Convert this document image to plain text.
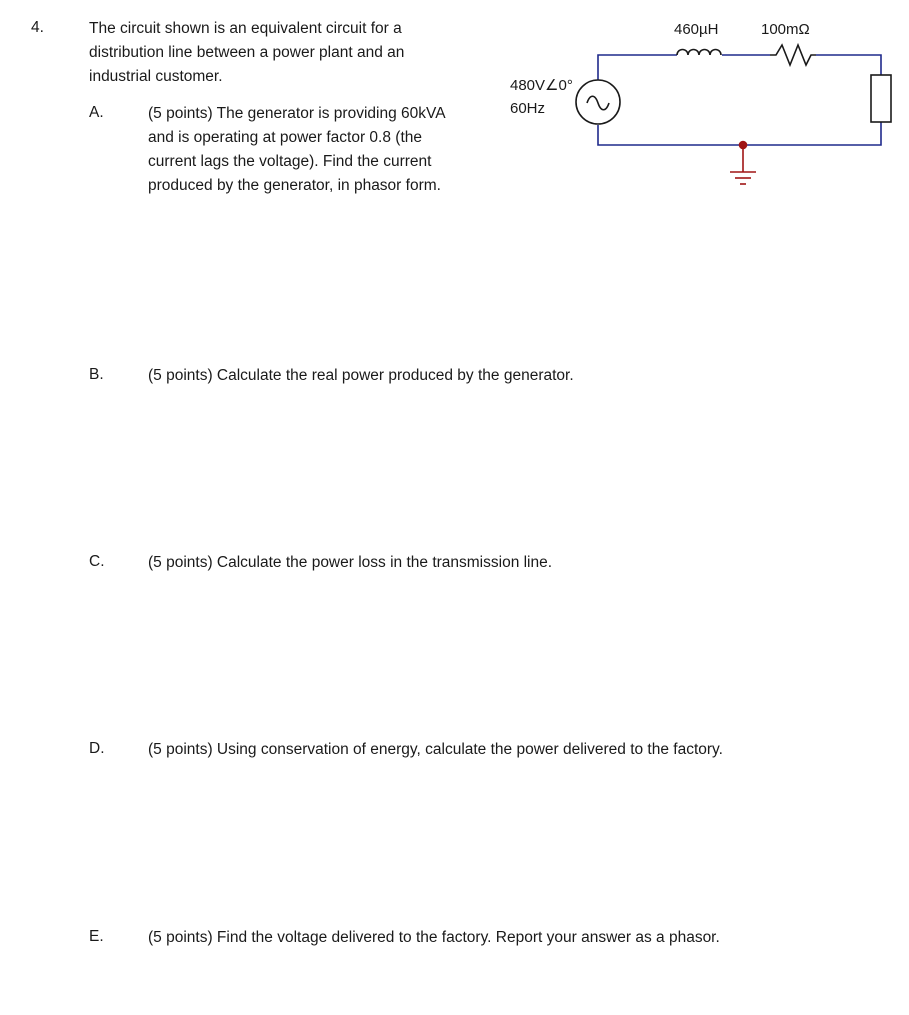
4.	The circuit shown is an equivalent circuit for a
distribution line between a power plant and an
industrial customer.
460µH	100mΩ
480V∠0°
60Hz
A.	(5 points) The generator is providing 60kVA
and is operating at power factor 0.8 (the
current lags the voltage). Find the current
produced by the generator, in phasor form.
B.	(5 points) Calculate the real power produced by the generator.
C.	(5 points) Calculate the power loss in the transmission line.
D.	(5 points) Using conservation of energy, calculate the power delivered to the factory.
E.	(5 points) Find the voltage delivered to the factory. Report your answer as a phasor.
